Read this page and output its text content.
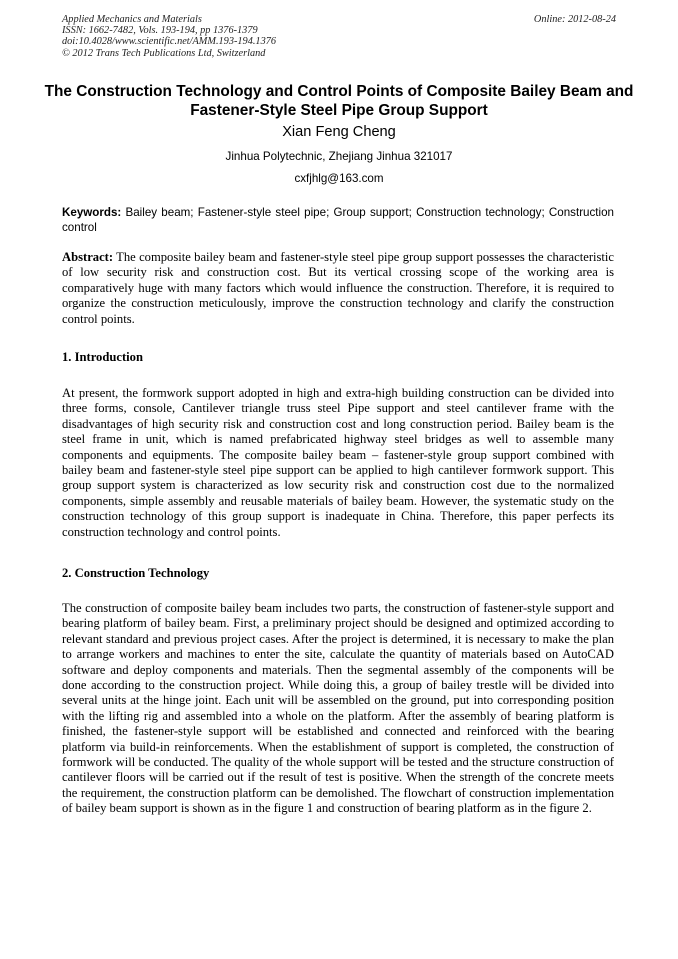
Applied Mechanics and Materials
ISSN: 1662-7482, Vols. 193-194, pp 1376-1379
doi:10.4028/www.scientific.net/AMM.193-194.1376
© 2012 Trans Tech Publications Ltd, Switzerland
Online: 2012-08-24
The Construction Technology and Control Points of Composite Bailey Beam and Fastener-Style Steel Pipe Group Support
Xian Feng Cheng
Jinhua Polytechnic, Zhejiang Jinhua 321017
cxfjhlg@163.com
Keywords: Bailey beam; Fastener-style steel pipe; Group support; Construction technology; Construction control
Abstract: The composite bailey beam and fastener-style steel pipe group support possesses the characteristic of low security risk and construction cost. But its vertical crossing scope of the working area is comparatively huge with many factors which would influence the construction. Therefore, it is required to organize the construction meticulously, improve the construction technology and clarify the construction control points.
1. Introduction
At present, the formwork support adopted in high and extra-high building construction can be divided into three forms, console, Cantilever triangle truss steel Pipe support and steel cantilever frame with the disadvantages of high security risk and construction cost and long construction period. Bailey beam is the steel frame in unit, which is named prefabricated highway steel bridges as well to assemble many components and equipments. The composite bailey beam – fastener-style group support combined with bailey beam and fastener-style steel pipe support can be applied to high cantilever formwork support. This group support system is characterized as low security risk and construction cost due to the normalized components, simple assembly and reusable materials of bailey beam. However, the systematic study on the construction technology of this group support is inadequate in China. Therefore, this paper perfects its construction technology and control points.
2. Construction Technology
The construction of composite bailey beam includes two parts, the construction of fastener-style support and bearing platform of bailey beam. First, a preliminary project should be designed and optimized according to relevant standard and previous project cases. After the project is determined, it is necessary to make the plan to arrange workers and machines to enter the site, calculate the quantity of materials based on AutoCAD software and deploy components and materials. Then the segmental assembly of the components will be done according to the construction project. While doing this, a group of bailey trestle will be divided into several units at the hinge joint. Each unit will be assembled on the ground, put into corresponding position with the lifting rig and assembled into a whole on the platform. After the assembly of bearing platform is finished, the fastener-style support will be established and connected and reinforced with the bearing platform via build-in reinforcements. When the establishment of support is completed, the construction of formwork will be conducted. The quality of the whole support will be tested and the structure construction of cantilever floors will be carried out if the result of test is positive. When the strength of the concrete meets the requirement, the construction platform can be demolished. The flowchart of construction implementation of bailey beam support is shown as in the figure 1 and construction of bearing platform as in the figure 2.
